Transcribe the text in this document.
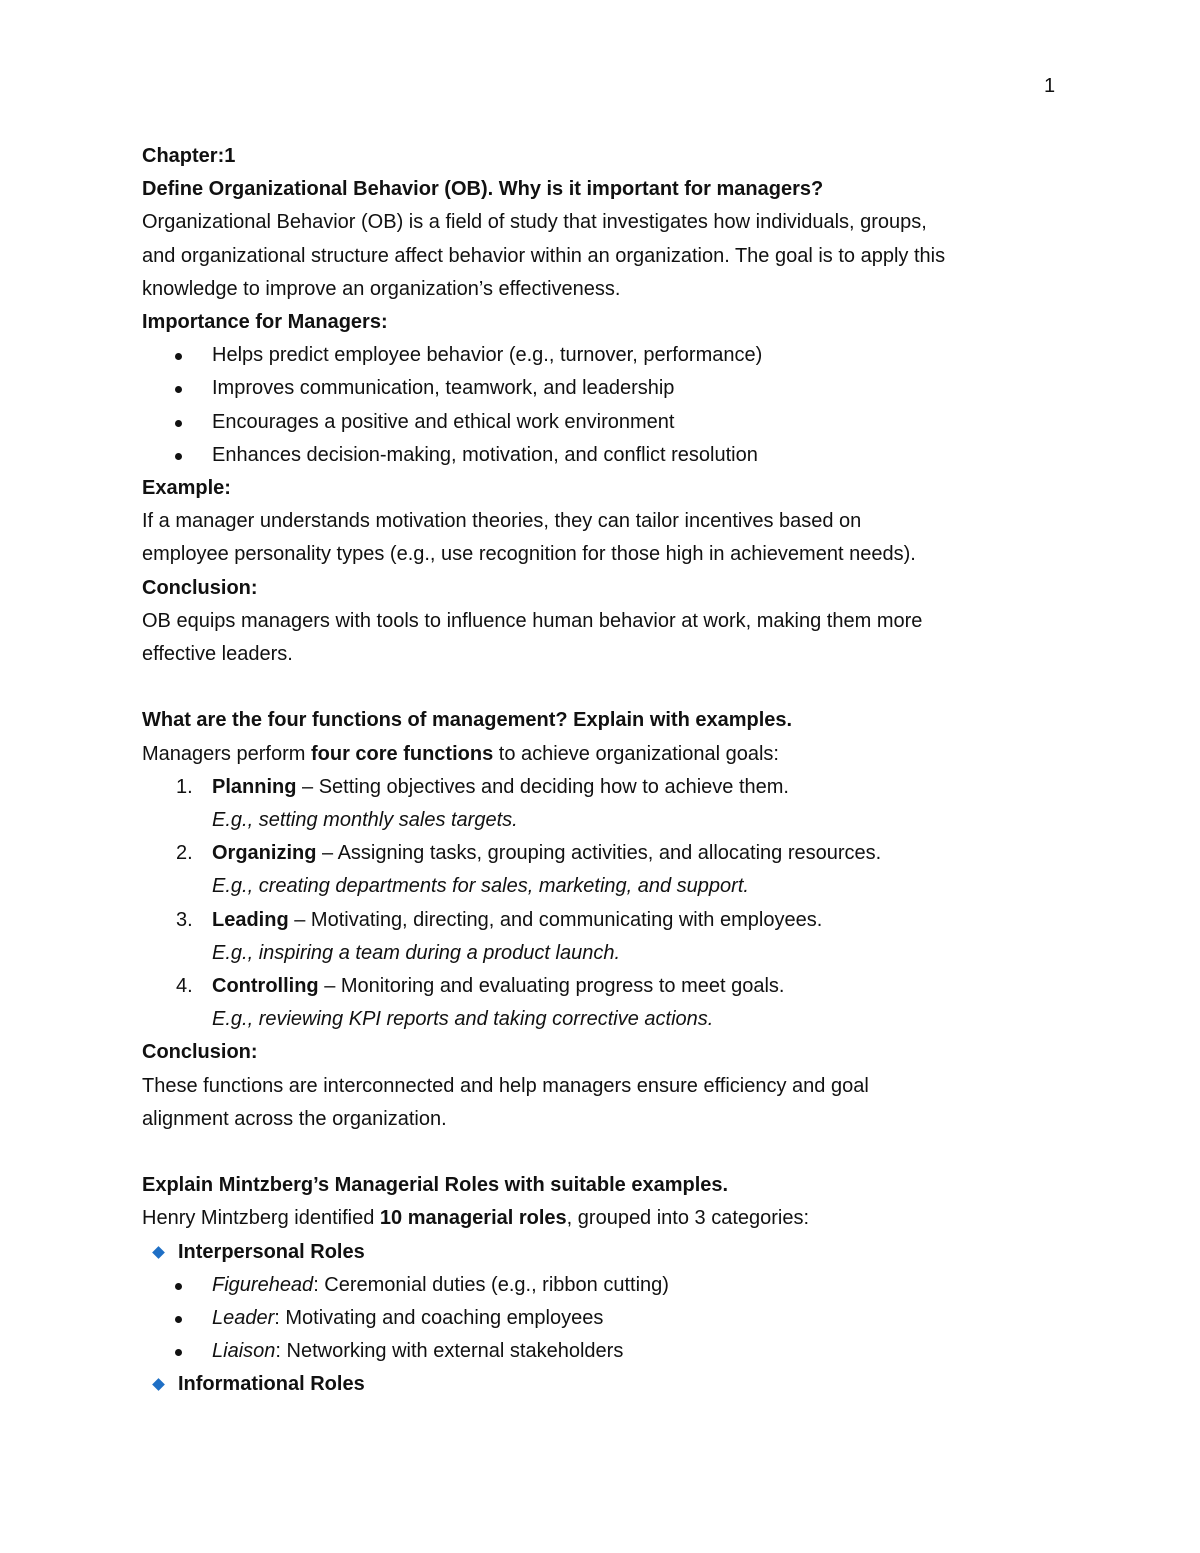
1

Chapter:1

Define Organizational Behavior (OB). Why is it important for managers?

Organizational Behavior (OB) is a field of study that investigates how individuals, groups,

and organizational structure affect behavior within an organization. The goal is to apply this

knowledge to improve an organization’s effectiveness.

Importance for Managers:

Helps predict employee behavior (e.g., turnover, performance)
Improves communication, teamwork, and leadership
Encourages a positive and ethical work environment
Enhances decision-making, motivation, and conflict resolution

Example:

If a manager understands motivation theories, they can tailor incentives based on

employee personality types (e.g., use recognition for those high in achievement needs).

Conclusion:

OB equips managers with tools to influence human behavior at work, making them more

effective leaders.

What are the four functions of management? Explain with examples.

Managers perform four core functions to achieve organizational goals:

1. Planning – Setting objectives and deciding how to achieve them.

E.g., setting monthly sales targets.

2. Organizing – Assigning tasks, grouping activities, and allocating resources.

E.g., creating departments for sales, marketing, and support.

3. Leading – Motivating, directing, and communicating with employees.

E.g., inspiring a team during a product launch.

4. Controlling – Monitoring and evaluating progress to meet goals.

E.g., reviewing KPI reports and taking corrective actions.

Conclusion:

These functions are interconnected and help managers ensure efficiency and goal

alignment across the organization.

Explain Mintzberg’s Managerial Roles with suitable examples.

Henry Mintzberg identified 10 managerial roles, grouped into 3 categories:

Interpersonal Roles

Figurehead: Ceremonial duties (e.g., ribbon cutting)
Leader: Motivating and coaching employees
Liaison: Networking with external stakeholders

Informational Roles
